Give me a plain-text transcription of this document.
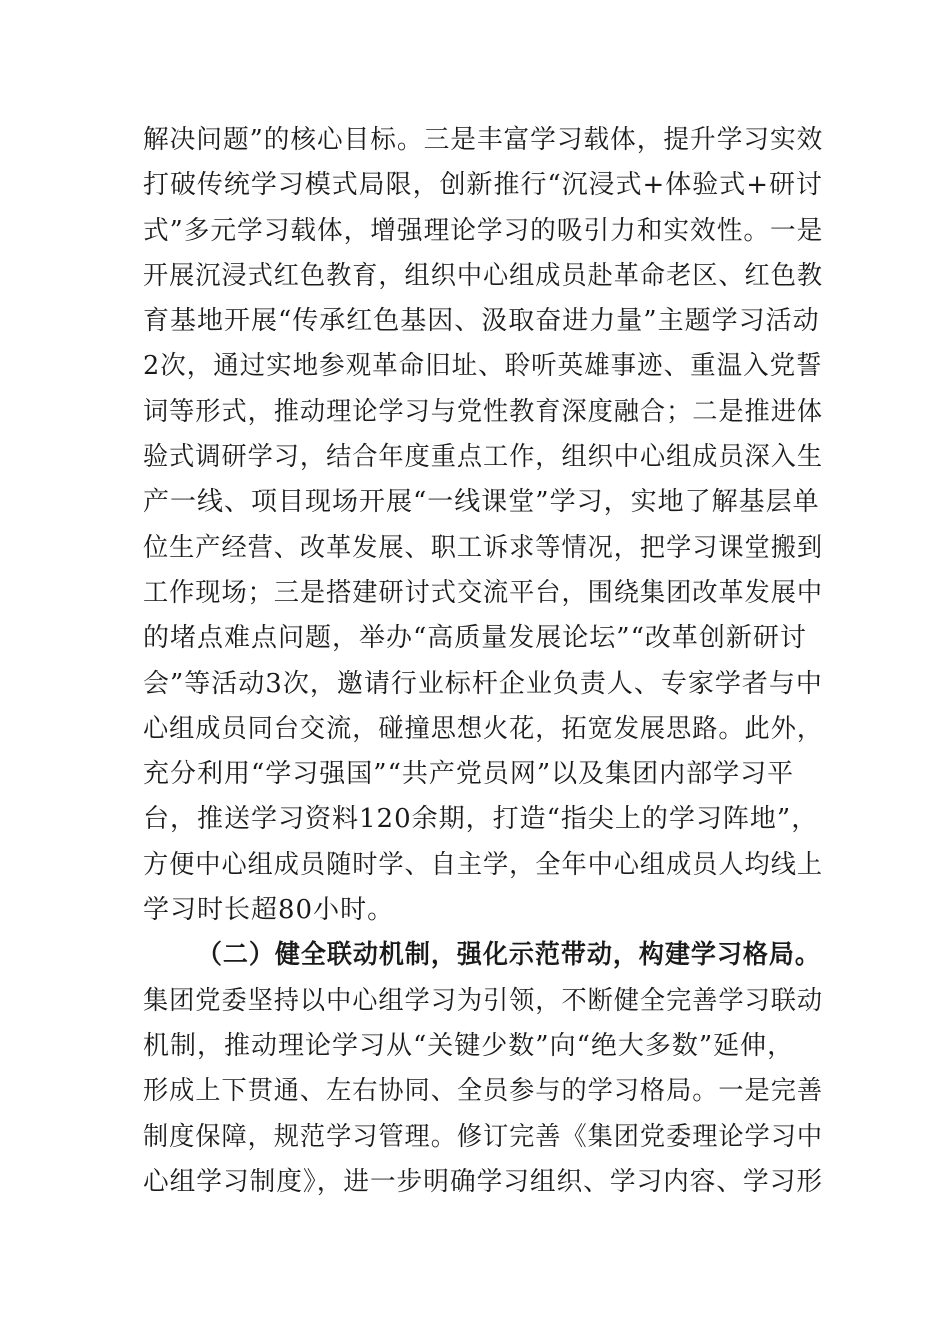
解决问题”的核心目标。三是丰富学习载体，提升学习实效
打破传统学习模式局限，创新推行“沉浸式+体验式+研讨
式”多元学习载体，增强理论学习的吸引力和实效性。一是
开展沉浸式红色教育，组织中心组成员赴革命老区、红色教
育基地开展“传承红色基因、汲取奋进力量”主题学习活动
2次，通过实地参观革命旧址、聆听英雄事迹、重温入党誓
词等形式，推动理论学习与党性教育深度融合；二是推进体
验式调研学习，结合年度重点工作，组织中心组成员深入生
产一线、项目现场开展“一线课堂”学习，实地了解基层单
位生产经营、改革发展、职工诉求等情况，把学习课堂搬到
工作现场；三是搭建研讨式交流平台，围绕集团改革发展中
的堵点难点问题，举办“高质量发展论坛”“改革创新研讨
会”等活动3次，邀请行业标杆企业负责人、专家学者与中
心组成员同台交流，碰撞思想火花，拓宽发展思路。此外，
充分利用“学习强国”“共产党员网”以及集团内部学习平
台，推送学习资料120余期，打造“指尖上的学习阵地”，
方便中心组成员随时学、自主学，全年中心组成员人均线上
学习时长超80小时。
（二）健全联动机制，强化示范带动，构建学习格局。
集团党委坚持以中心组学习为引领，不断健全完善学习联动
机制，推动理论学习从“关键少数”向“绝大多数”延伸，
形成上下贯通、左右协同、全员参与的学习格局。一是完善
制度保障，规范学习管理。修订完善《集团党委理论学习中
心组学习制度》，进一步明确学习组织、学习内容、学习形
